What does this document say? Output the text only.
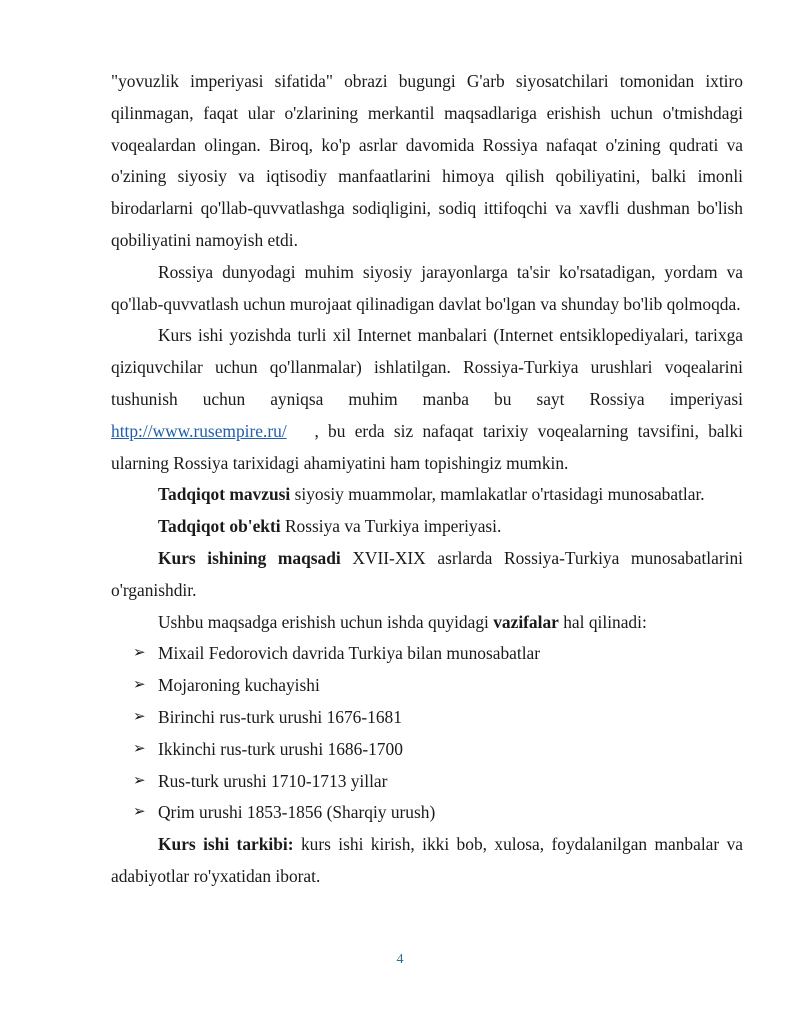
"yovuzlik imperiyasi sifatida" obrazi bugungi G'arb siyosatchilari tomonidan ixtiro qilinmagan, faqat ular o'zlarining merkantil maqsadlariga erishish uchun o'tmishdagi voqealardan olingan. Biroq, ko'p asrlar davomida Rossiya nafaqat o'zining qudrati va o'zining siyosiy va iqtisodiy manfaatlarini himoya qilish qobiliyatini, balki imonli birodarlarni qo'llab-quvvatlashga sodiqligini, sodiq ittifoqchi va xavfli dushman bo'lish qobiliyatini namoyish etdi.

Rossiya dunyodagi muhim siyosiy jarayonlarga ta'sir ko'rsatadigan, yordam va qo'llab-quvvatlash uchun murojaat qilinadigan davlat bo'lgan va shunday bo'lib qolmoqda.

Kurs ishi yozishda turli xil Internet manbalari (Internet entsiklopediyalari, tarixga qiziquvchilar uchun qo'llanmalar) ishlatilgan. Rossiya-Turkiya urushlari voqealarini tushunish uchun ayniqsa muhim manba bu sayt Rossiya imperiyasi http://www.rusempire.ru/   , bu erda siz nafaqat tarixiy voqealarning tavsifini, balki ularning Rossiya tarixidagi ahamiyatini ham topishingiz mumkin.

Tadqiqot mavzusi siyosiy muammolar, mamlakatlar o'rtasidagi munosabatlar.

Tadqiqot ob'ekti Rossiya va Turkiya imperiyasi.

Kurs ishining maqsadi XVII-XIX asrlarda Rossiya-Turkiya munosabatlarini o'rganishdir.

Ushbu maqsadga erishish uchun ishda quyidagi vazifalar hal qilinadi:

➢ Mixail Fedorovich davrida Turkiya bilan munosabatlar
➢ Mojaroning kuchayishi
➢ Birinchi rus-turk urushi 1676-1681
➢ Ikkinchi rus-turk urushi 1686-1700
➢ Rus-turk urushi 1710-1713 yillar
➢ Qrim urushi 1853-1856 (Sharqiy urush)

Kurs ishi tarkibi: kurs ishi kirish, ikki bob, xulosa, foydalanilgan manbalar va adabiyotlar ro'yxatidan iborat.

4
